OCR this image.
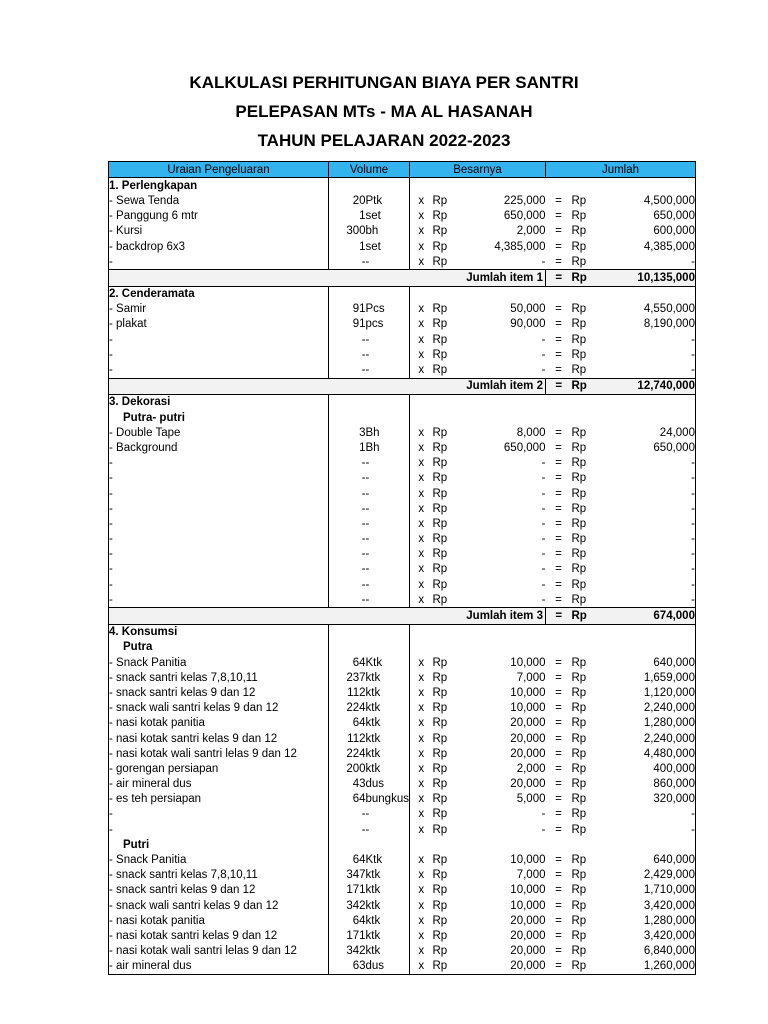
KALKULASI PERHITUNGAN BIAYA PER SANTRI
PELEPASAN MTs - MA AL HASANAH
TAHUN PELAJARAN 2022-2023
Uraian Pengeluaran	Volume		Besarnya			Jumlah		
1. Perlengkapan								
- Sewa Tenda	20	Ptk	x	Rp	225,000	=	Rp	4,500,000
- Panggung 6 mtr	1	set	x	Rp	650,000	=	Rp	650,000
- Kursi	300	bh	x	Rp	2,000	=	Rp	600,000
- backdrop 6x3	1	set	x	Rp	4,385,000	=	Rp	4,385,000
-	-	-	x	Rp	-	=	Rp	-
Jumlah item 1						=	Rp	10,135,000
2. Cenderamata								
- Samir	91	Pcs	x	Rp	50,000	=	Rp	4,550,000
- plakat	91	pcs	x	Rp	90,000	=	Rp	8,190,000
-	-	-	x	Rp	-	=	Rp	-
-	-	-	x	Rp	-	=	Rp	-
-	-	-	x	Rp	-	=	Rp	-
Jumlah item 2						=	Rp	12,740,000
3. Dekorasi								
Putra- putri								
- Double Tape	3	Bh	x	Rp	8,000	=	Rp	24,000
- Background	1	Bh	x	Rp	650,000	=	Rp	650,000
-	-	-	x	Rp	-	=	Rp	-
-	-	-	x	Rp	-	=	Rp	-
-	-	-	x	Rp	-	=	Rp	-
-	-	-	x	Rp	-	=	Rp	-
-	-	-	x	Rp	-	=	Rp	-
-	-	-	x	Rp	-	=	Rp	-
-	-	-	x	Rp	-	=	Rp	-
-	-	-	x	Rp	-	=	Rp	-
-	-	-	x	Rp	-	=	Rp	-
-	-	-	x	Rp	-	=	Rp	-
Jumlah item 3						=	Rp	674,000
4. Konsumsi								
Putra								
- Snack Panitia	64	Ktk	x	Rp	10,000	=	Rp	640,000
- snack santri kelas 7,8,10,11	237	ktk	x	Rp	7,000	=	Rp	1,659,000
- snack santri kelas 9 dan 12	112	ktk	x	Rp	10,000	=	Rp	1,120,000
- snack wali santri kelas 9 dan 12	224	ktk	x	Rp	10,000	=	Rp	2,240,000
- nasi kotak panitia	64	ktk	x	Rp	20,000	=	Rp	1,280,000
- nasi kotak santri kelas 9 dan 12	112	ktk	x	Rp	20,000	=	Rp	2,240,000
- nasi kotak wali santri lelas 9 dan 12	224	ktk	x	Rp	20,000	=	Rp	4,480,000
- gorengan persiapan	200	ktk	x	Rp	2,000	=	Rp	400,000
- air mineral dus	43	dus	x	Rp	20,000	=	Rp	860,000
- es teh persiapan	64	bungkus	x	Rp	5,000	=	Rp	320,000
-	-	-	x	Rp	-	=	Rp	-
-	-	-	x	Rp	-	=	Rp	-
Putri								
- Snack Panitia	64	Ktk	x	Rp	10,000	=	Rp	640,000
- snack santri kelas 7,8,10,11	347	ktk	x	Rp	7,000	=	Rp	2,429,000
- snack santri kelas 9 dan 12	171	ktk	x	Rp	10,000	=	Rp	1,710,000
- snack wali santri kelas 9 dan 12	342	ktk	x	Rp	10,000	=	Rp	3,420,000
- nasi kotak panitia	64	ktk	x	Rp	20,000	=	Rp	1,280,000
- nasi kotak santri kelas 9 dan 12	171	ktk	x	Rp	20,000	=	Rp	3,420,000
- nasi kotak wali santri lelas 9 dan 12	342	ktk	x	Rp	20,000	=	Rp	6,840,000
- air mineral dus	63	dus	x	Rp	20,000	=	Rp	1,260,000
